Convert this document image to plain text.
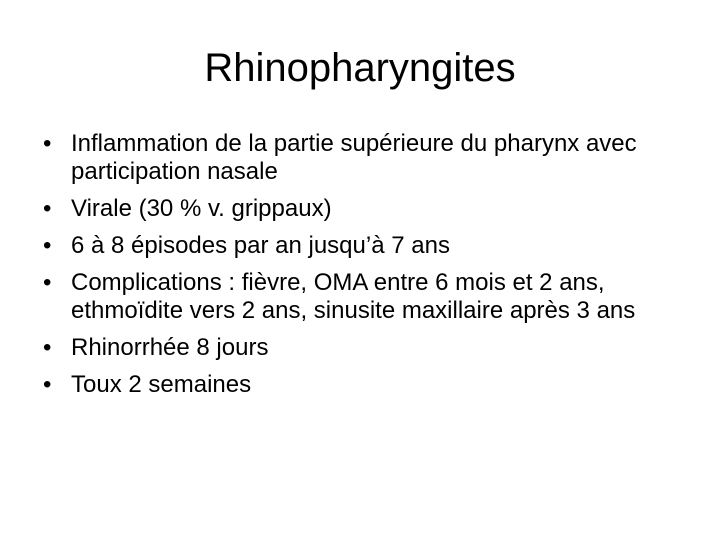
Rhinopharyngites
• Inflammation de la partie supérieure du pharynx avec participation nasale
• Virale (30 % v. grippaux)
• 6 à 8 épisodes par an jusqu’à 7 ans
• Complications : fièvre, OMA entre 6 mois et 2 ans, ethmoïdite vers 2 ans, sinusite maxillaire après 3 ans
• Rhinorrhée 8 jours
• Toux 2 semaines
